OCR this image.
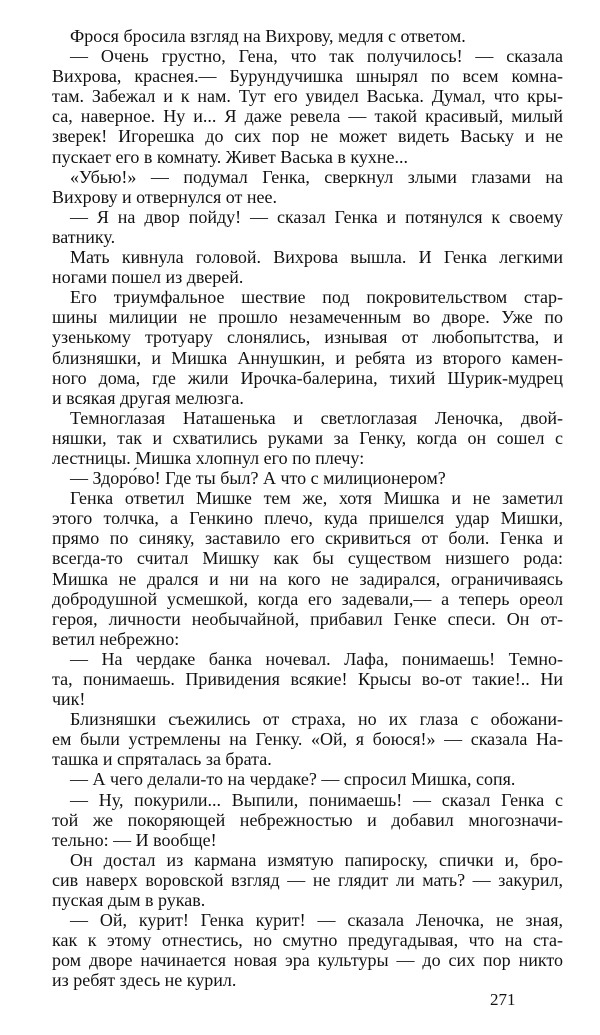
Фрося бросила взгляд на Вихрову, медля с ответом.
— Очень грустно, Гена, что так получилось! — сказала
Вихрова, краснея.— Бурундучишка шнырял по всем комна-
там. Забежал и к нам. Тут его увидел Васька. Думал, что кры-
са, наверное. Ну и... Я даже ревела — такой красивый, милый
зверек! Игорешка до сих пор не может видеть Ваську и не
пускает его в комнату. Живет Васька в кухне...
«Убью!» — подумал Генка, сверкнул злыми глазами на
Вихрову и отвернулся от нее.
— Я на двор пойду! — сказал Генка и потянулся к своему
ватнику.
Мать кивнула головой. Вихрова вышла. И Генка легкими
ногами пошел из дверей.
Его триумфальное шествие под покровительством стар-
шины милиции не прошло незамеченным во дворе. Уже по
узенькому тротуару слонялись, изнывая от любопытства, и
близняшки, и Мишка Аннушкин, и ребята из второго камен-
ного дома, где жили Ирочка-балерина, тихий Шурик-мудрец
и всякая другая мелюзга.
Темноглазая Наташенька и светлоглазая Леночка, двой-
няшки, так и схватились руками за Генку, когда он сошел с
лестницы. Мишка хлопнул его по плечу:
— Здоро́во! Где ты был? А что с милиционером?
Генка ответил Мишке тем же, хотя Мишка и не заметил
этого толчка, а Генкино плечо, куда пришелся удар Мишки,
прямо по синяку, заставило его скривиться от боли. Генка и
всегда-то считал Мишку как бы существом низшего рода:
Мишка не дрался и ни на кого не задирался, ограничиваясь
добродушной усмешкой, когда его задевали,— а теперь ореол
героя, личности необычайной, прибавил Генке спеси. Он от-
ветил небрежно:
— На чердаке банка ночевал. Лафа, понимаешь! Темно-
та, понимаешь. Привидения всякие! Крысы во-от такие!.. Ни
чик!
Близняшки съежились от страха, но их глаза с обожани-
ем были устремлены на Генку. «Ой, я боюся!» — сказала На-
ташка и спряталась за брата.
— А чего делали-то на чердаке? — спросил Мишка, сопя.
— Ну, покурили... Выпили, понимаешь! — сказал Генка с
той же покоряющей небрежностью и добавил многозначи-
тельно: — И вообще!
Он достал из кармана измятую папироску, спички и, бро-
сив наверх воровской взгляд — не глядит ли мать? — закурил,
пуская дым в рукав.
— Ой, курит! Генка курит! — сказала Леночка, не зная,
как к этому отнестись, но смутно предугадывая, что на ста-
ром дворе начинается новая эра культуры — до сих пор никто
из ребят здесь не курил.
271
